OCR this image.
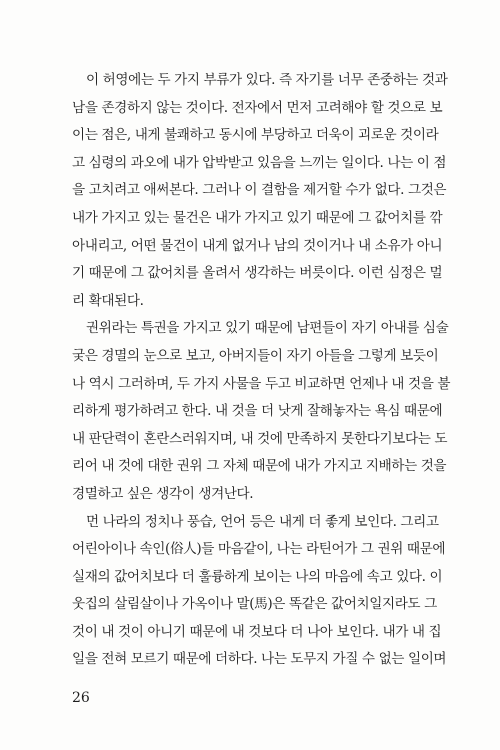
이 허영에는 두 가지 부류가 있다. 즉 자기를 너무 존중하는 것과
남을 존경하지 않는 것이다. 전자에서 먼저 고려해야 할 것으로 보
이는 점은, 내게 불쾌하고 동시에 부당하고 더욱이 괴로운 것이라
고 심령의 과오에 내가 압박받고 있음을 느끼는 일이다. 나는 이 점
을 고치려고 애써본다. 그러나 이 결함을 제거할 수가 없다. 그것은
내가 가지고 있는 물건은 내가 가지고 있기 때문에 그 값어치를 깎
아내리고, 어떤 물건이 내게 없거나 남의 것이거나 내 소유가 아니
기 때문에 그 값어치를 올려서 생각하는 버릇이다. 이런 심정은 멀
리 확대된다.
권위라는 특권을 가지고 있기 때문에 남편들이 자기 아내를 심술
궂은 경멸의 눈으로 보고, 아버지들이 자기 아들을 그렇게 보듯이
나 역시 그러하며, 두 가지 사물을 두고 비교하면 언제나 내 것을 불
리하게 평가하려고 한다. 내 것을 더 낫게 잘해놓자는 욕심 때문에
내 판단력이 혼란스러워지며, 내 것에 만족하지 못한다기보다는 도
리어 내 것에 대한 권위 그 자체 때문에 내가 가지고 지배하는 것을
경멸하고 싶은 생각이 생겨난다.
먼 나라의 정치나 풍습, 언어 등은 내게 더 좋게 보인다. 그리고
어린아이나 속인(俗人)들 마음같이, 나는 라틴어가 그 권위 때문에
실재의 값어치보다 더 훌륭하게 보이는 나의 마음에 속고 있다. 이
웃집의 살림살이나 가옥이나 말(馬)은 똑같은 값어치일지라도 그
것이 내 것이 아니기 때문에 내 것보다 더 나아 보인다. 내가 내 집
일을 전혀 모르기 때문에 더하다. 나는 도무지 가질 수 없는 일이며
26
